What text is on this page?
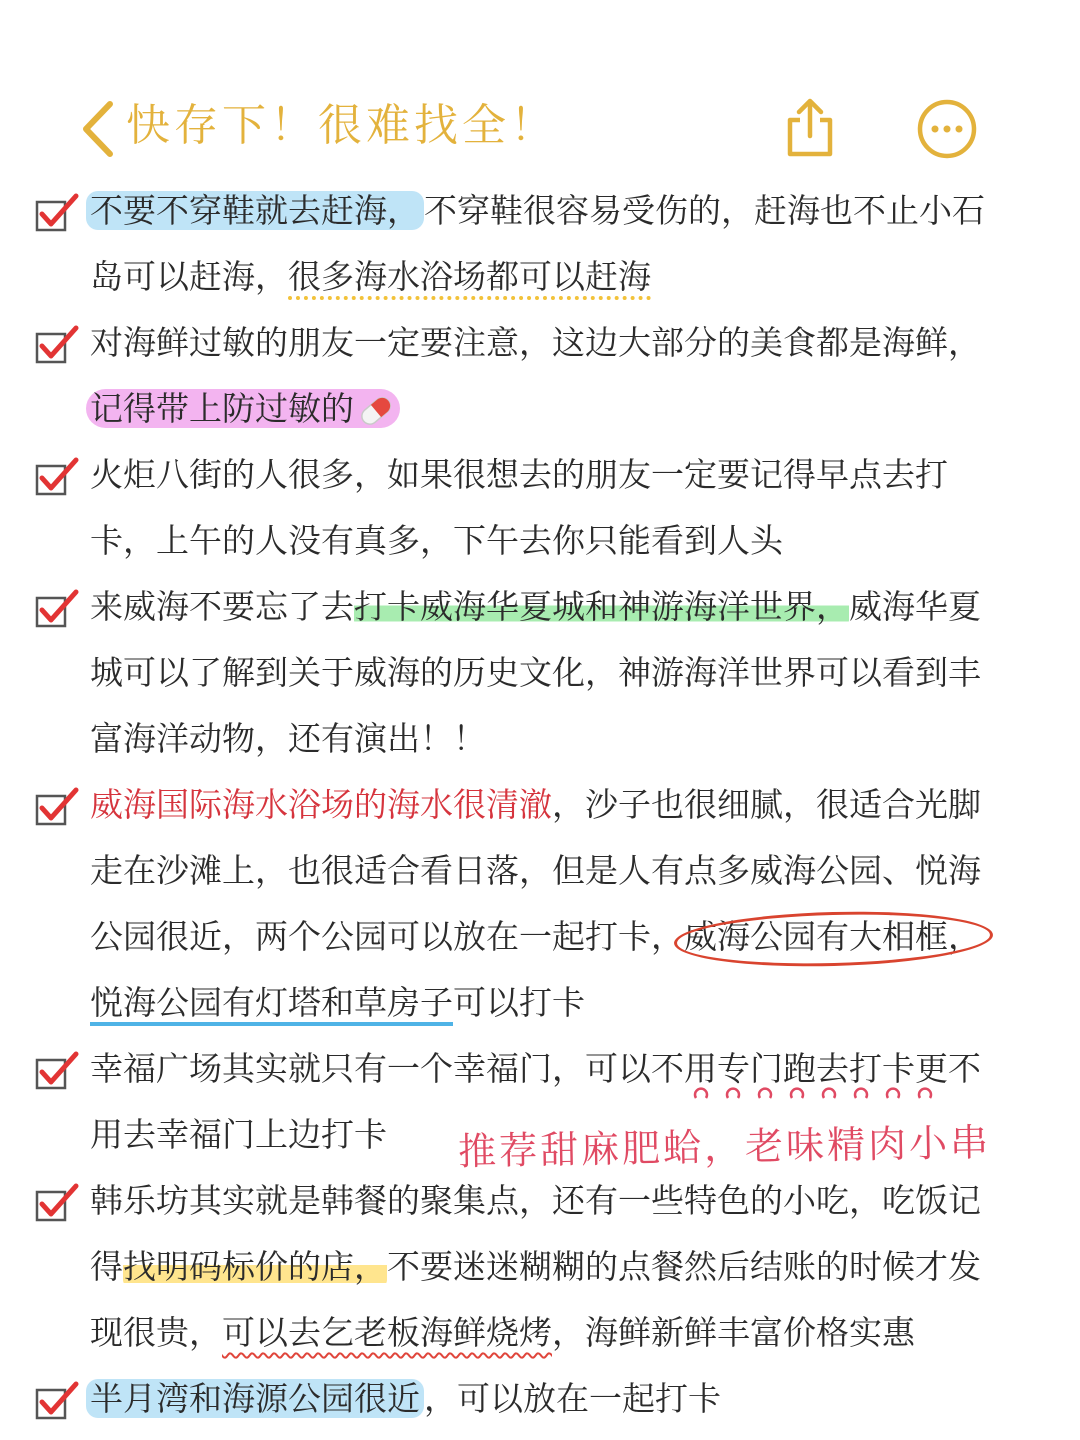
快存下！很难找全！
不要不穿鞋就去赶海， 不穿鞋很容易受伤的，赶海也不止小石
岛可以赶海，很多海水浴场都可以赶海
对海鲜过敏的朋友一定要注意，这边大部分的美食都是海鲜，
记得带上防过敏的
火炬八街的人很多，如果很想去的朋友一定要记得早点去打
卡，上午的人没有真多，下午去你只能看到人头
来威海不要忘了去打卡威海华夏城和神游海洋世界，威海华夏
城可以了解到关于威海的历史文化，神游海洋世界可以看到丰
富海洋动物，还有演出！！
威海国际海水浴场的海水很清澈，沙子也很细腻，很适合光脚
走在沙滩上，也很适合看日落，但是人有点多威海公园、悦海
公园很近，两个公园可以放在一起打卡，威海公园有大相框，
悦海公园有灯塔和草房子可以打卡
幸福广场其实就只有一个幸福门，可以不用专门跑去打卡更不
用去幸福门上边打卡
韩乐坊其实就是韩餐的聚集点，还有一些特色的小吃，吃饭记
得找明码标价的店，不要迷迷糊糊的点餐然后结账的时候才发
现很贵，可以去乞老板海鲜烧烤，海鲜新鲜丰富价格实惠
半月湾和海源公园很近 ，可以放在一起打卡
推荐甜麻肥蛤，老味精肉小串
